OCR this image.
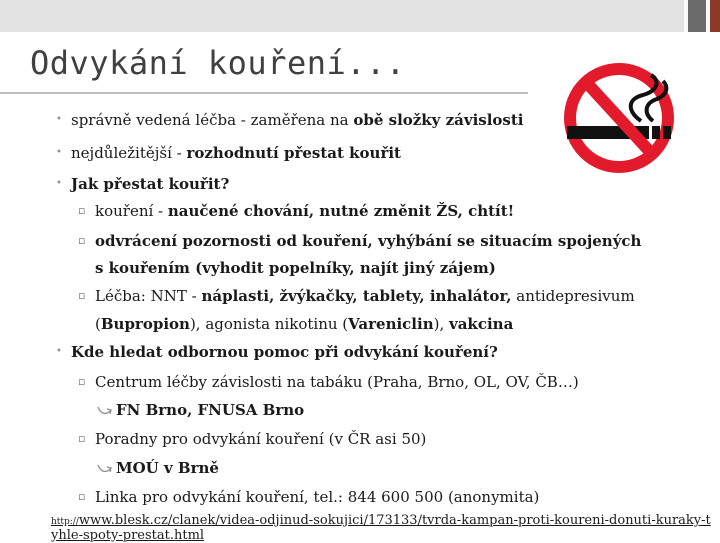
Odvykání kouření...
• správně vedená léčba - zaměřena na obě složky závislosti
• nejdůležitější - rozhodnutí přestat kouřit
• Jak přestat kouřit?
▫ kouření - naučené chování, nutné změnit ŽS, chtít!
▫ odvrácení pozornosti od kouření, vyhýbání se situacím spojených
s kouřením (vyhodit popelníky, najít jiný zájem)
▫ Léčba: NNT - náplasti, žvýkačky, tablety, inhalátor, antidepresivum
(Bupropion), agonista nikotinu (Vareniclin), vakcina
• Kde hledat odbornou pomoc při odvykání kouření?
▫ Centrum léčby závislosti na tabáku (Praha, Brno, OL, OV, ČB…)
FN Brno, FNUSA Brno
▫ Poradny pro odvykání kouření (v ČR asi 50)
MOÚ v Brně
▫ Linka pro odvykání kouření, tel.: 844 600 500 (anonymita)
http://www.blesk.cz/clanek/videa-odjinud-sokujici/173133/tvrda-kampan-proti-koureni-donuti-kuraky-tyhle-spoty-prestat.html
